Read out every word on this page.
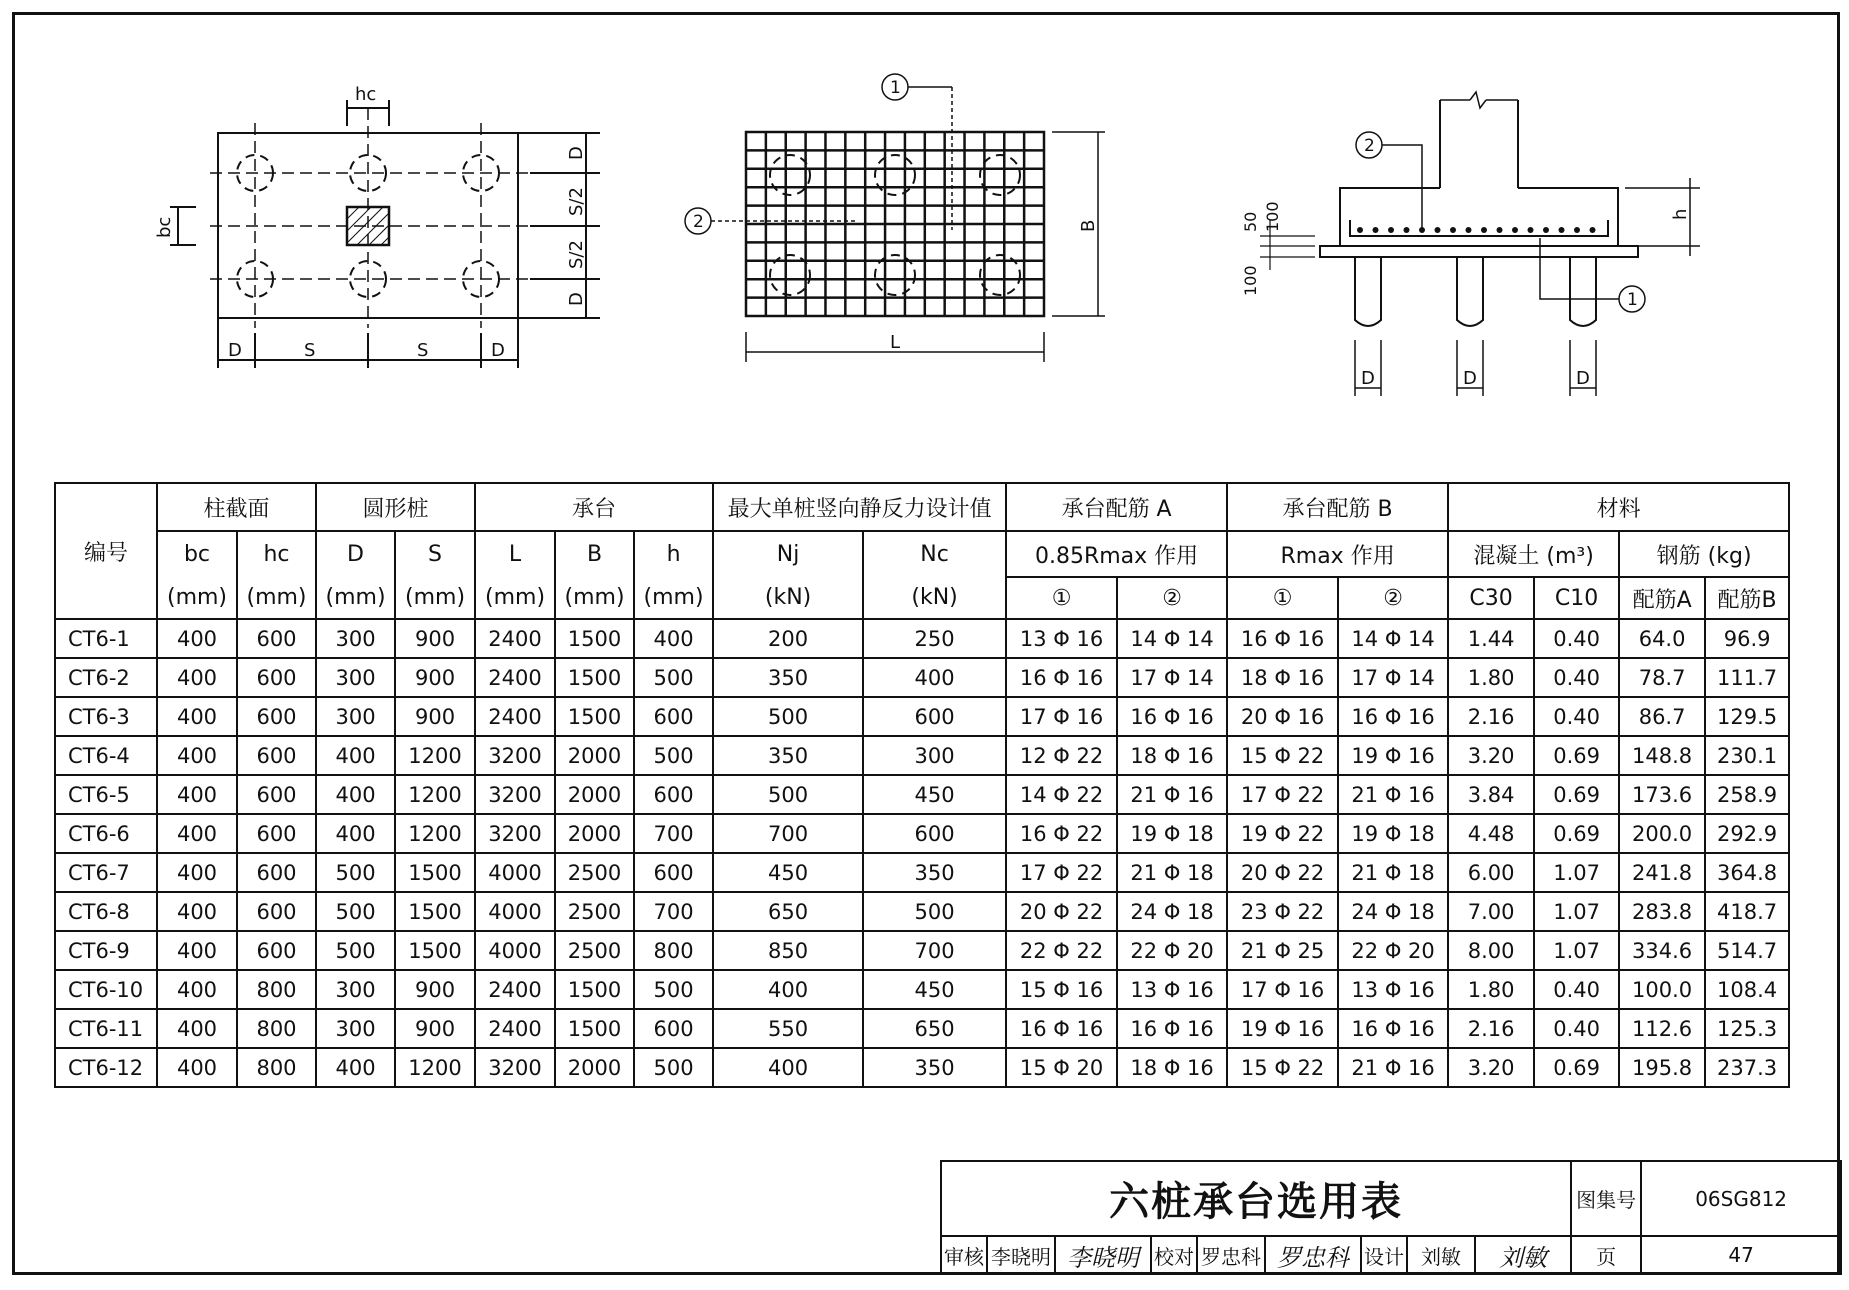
hc
bc
D	S	S	D
D
S/2
S/2
D
1
2
L
B
2
1
h
50 100
100
D	D	D
编号	柱截面		圆形桩		承台			最大单桩竖向静反力设计值		承台配筋 A		承台配筋 B		材料			
	bc	hc	D	S	L	B	h	Nj	Nc	0.85Rmax 作用		Rmax 作用		混凝土 (m³)		钢筋 (kg)	
	(mm)	(mm)	(mm)	(mm)	(mm)	(mm)	(mm)	(kN)	(kN)	①	②	①	②	C30	C10	配筋A	配筋B
CT6-1	400	600	300	900	2400	1500	400	200	250	13 Φ 16	14 Φ 14	16 Φ 16	14 Φ 14	1.44	0.40	64.0	96.9
CT6-2	400	600	300	900	2400	1500	500	350	400	16 Φ 16	17 Φ 14	18 Φ 16	17 Φ 14	1.80	0.40	78.7	111.7
CT6-3	400	600	300	900	2400	1500	600	500	600	17 Φ 16	16 Φ 16	20 Φ 16	16 Φ 16	2.16	0.40	86.7	129.5
CT6-4	400	600	400	1200	3200	2000	500	350	300	12 Φ 22	18 Φ 16	15 Φ 22	19 Φ 16	3.20	0.69	148.8	230.1
CT6-5	400	600	400	1200	3200	2000	600	500	450	14 Φ 22	21 Φ 16	17 Φ 22	21 Φ 16	3.84	0.69	173.6	258.9
CT6-6	400	600	400	1200	3200	2000	700	700	600	16 Φ 22	19 Φ 18	19 Φ 22	19 Φ 18	4.48	0.69	200.0	292.9
CT6-7	400	600	500	1500	4000	2500	600	450	350	17 Φ 22	21 Φ 18	20 Φ 22	21 Φ 18	6.00	1.07	241.8	364.8
CT6-8	400	600	500	1500	4000	2500	700	650	500	20 Φ 22	24 Φ 18	23 Φ 22	24 Φ 18	7.00	1.07	283.8	418.7
CT6-9	400	600	500	1500	4000	2500	800	850	700	22 Φ 22	22 Φ 20	21 Φ 25	22 Φ 20	8.00	1.07	334.6	514.7
CT6-10	400	800	300	900	2400	1500	500	400	450	15 Φ 16	13 Φ 16	17 Φ 16	13 Φ 16	1.80	0.40	100.0	108.4
CT6-11	400	800	300	900	2400	1500	600	550	650	16 Φ 16	16 Φ 16	19 Φ 16	16 Φ 16	2.16	0.40	112.6	125.3
CT6-12	400	800	400	1200	3200	2000	500	400	350	15 Φ 20	18 Φ 16	15 Φ 22	21 Φ 16	3.20	0.69	195.8	237.3
六桩承台选用表									图集号	06SG812
审核	李晓明	李晓明	校对	罗忠科	罗忠科	设计	刘敏	刘敏	页	47
